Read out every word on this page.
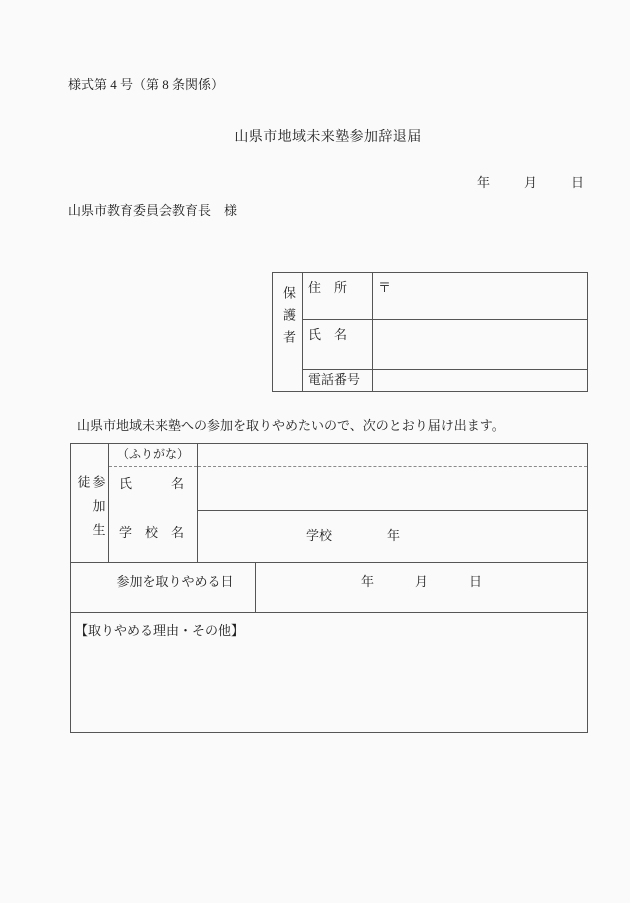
様式第 4 号（第 8 条関係）
山県市地域未来塾参加辞退届
年	月	日
山県市教育委員会教育長　様
保護者 住　所	〒
氏　名
電話番号
山県市地域未来塾への参加を取りやめたいので、次のとおり届け出ます。
参加生徒
（ふりがな）
氏　　　名
学　校　名	学校	年
参加を取りやめる日	年	月	日
【取りやめる理由・その他】
